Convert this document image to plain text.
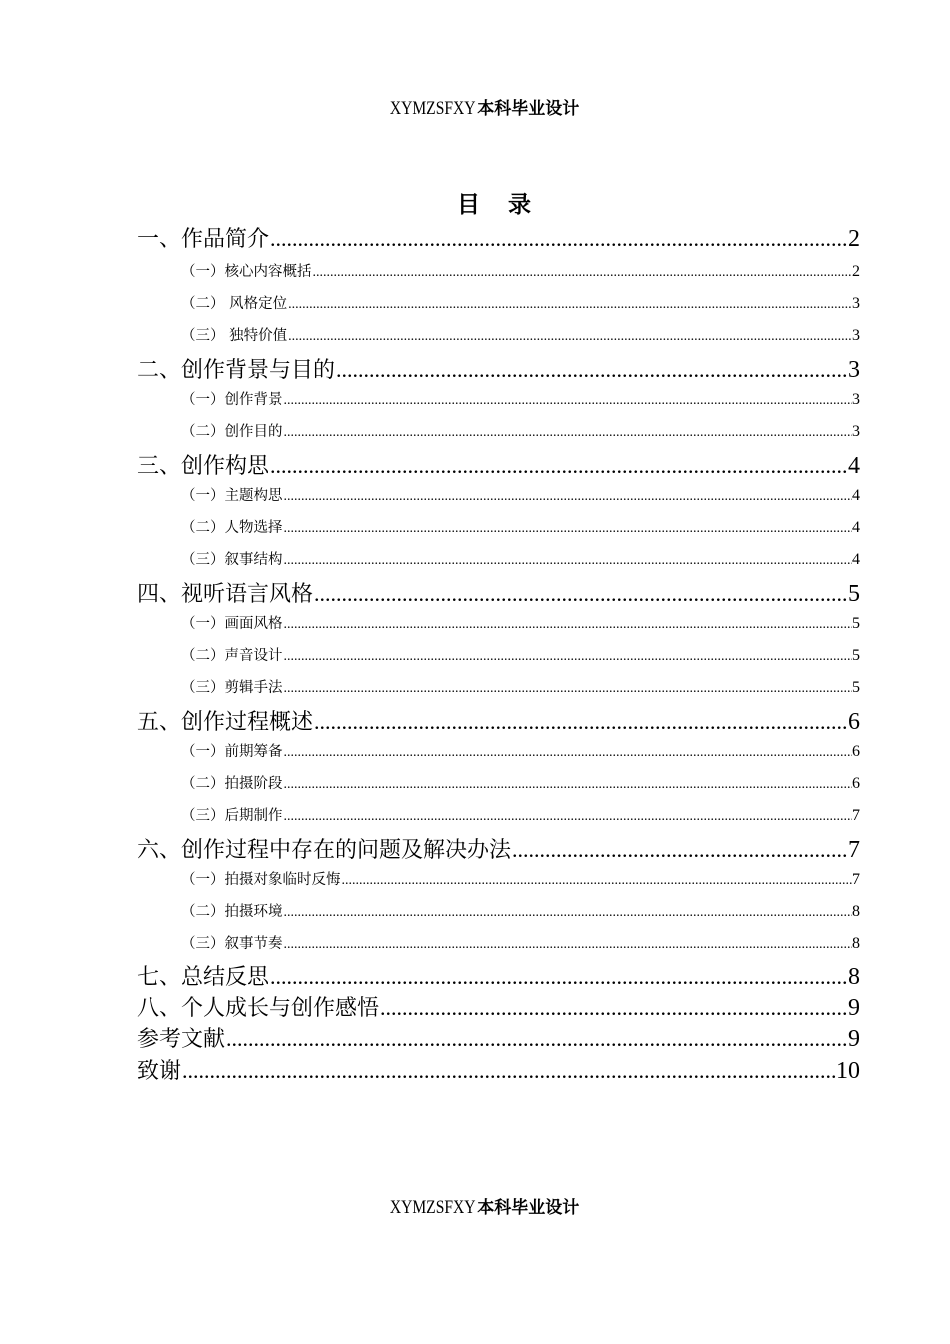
XYMZSFXY 本科毕业设计
目 录
一、作品简介 .....	2
（一）核心内容概括 .....	2
（二） 风格定位 .....	3
（三） 独特价值 .....	3
二、创作背景与目的 .....	3
（一）创作背景 .....	3
（二）创作目的 .....	3
三、创作构思 .....	4
（一）主题构思 .....	4
（二）人物选择 .....	4
（三）叙事结构 .....	4
四、视听语言风格 .....	5
（一）画面风格 .....	5
（二）声音设计 .....	5
（三）剪辑手法 .....	5
五、创作过程概述 .....	6
（一）前期筹备 .....	6
（二）拍摄阶段 .....	6
（三）后期制作 .....	7
六、创作过程中存在的问题及解决办法 .....	7
（一）拍摄对象临时反悔 .....	7
（二）拍摄环境 .....	8
（三）叙事节奏 .....	8
七、总结反思 .....	8
八、个人成长与创作感悟 .....	9
参考文献 .....	9
致谢 .....	10
XYMZSFXY 本科毕业设计
